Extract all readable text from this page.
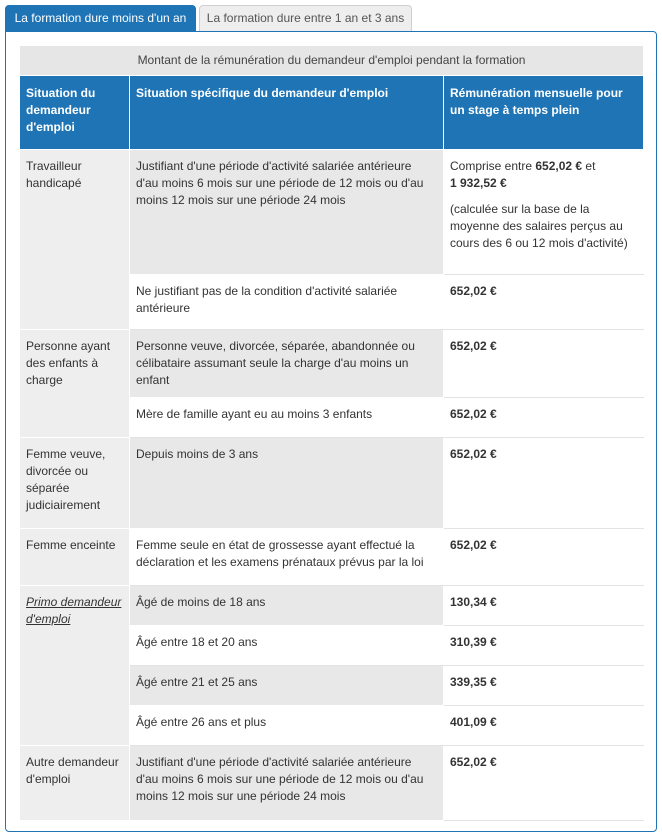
La formation dure moins d'un an	La formation dure entre 1 an et 3 ans
Montant de la rémunération du demandeur d'emploi pendant la formation		
Situation du demandeur d'emploi	Situation spécifique du demandeur d'emploi	Rémunération mensuelle pour un stage à temps plein
Travailleur handicapé	Justifiant d'une période d'activité salariée antérieure d'au moins 6 mois sur une période de 12 mois ou d'au moins 12 mois sur une période 24 mois	Comprise entre 652,02 € et
1 932,52 €
(calculée sur la base de la moyenne des salaires perçus au cours des 6 ou 12 mois d'activité)

	Ne justifiant pas de la condition d'activité salariée antérieure	652,02 €
Personne ayant des enfants à charge	Personne veuve, divorcée, séparée, abandonnée ou célibataire assumant seule la charge d'au moins un enfant	652,02 €
	Mère de famille ayant eu au moins 3 enfants	652,02 €
Femme veuve, divorcée ou séparée judiciairement	Depuis moins de 3 ans	652,02 €
Femme enceinte	Femme seule en état de grossesse ayant effectué la déclaration et les examens prénataux prévus par la loi	652,02 €
Primo demandeur d'emploi	Âgé de moins de 18 ans	130,34 €
	Âgé entre 18 et 20 ans	310,39 €
	Âgé entre 21 et 25 ans	339,35 €
	Âgé entre 26 ans et plus	401,09 €
Autre demandeur d'emploi	Justifiant d'une période d'activité salariée antérieure d'au moins 6 mois sur une période de 12 mois ou d'au moins 12 mois sur une période 24 mois	652,02 €
